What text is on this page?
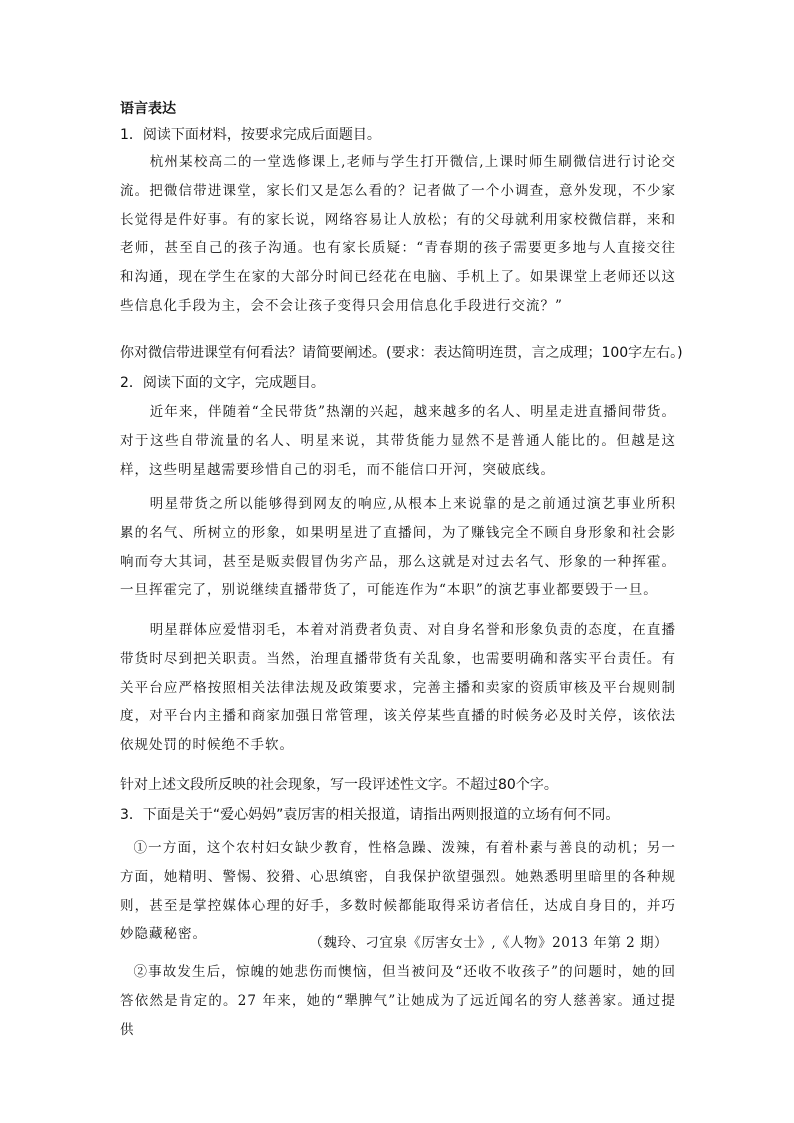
语言表达
1．阅读下面材料，按要求完成后面题目。

杭州某校高二的一堂选修课上,老师与学生打开微信,上课时师生刷微信进行讨论交流。把微信带进课堂，家长们又是怎么看的？记者做了一个小调查，意外发现，不少家长觉得是件好事。有的家长说，网络容易让人放松；有的父母就利用家校微信群，来和老师，甚至自己的孩子沟通。也有家长质疑：“青春期的孩子需要更多地与人直接交往和沟通，现在学生在家的大部分时间已经花在电脑、手机上了。如果课堂上老师还以这些信息化手段为主，会不会让孩子变得只会用信息化手段进行交流？”

你对微信带进课堂有何看法？请简要阐述。(要求：表达简明连贯，言之成理；100字左右。)
2．阅读下面的文字，完成题目。

近年来，伴随着“全民带货”热潮的兴起，越来越多的名人、明星走进直播间带货。对于这些自带流量的名人、明星来说，其带货能力显然不是普通人能比的。但越是这样，这些明星越需要珍惜自己的羽毛，而不能信口开河，突破底线。

明星带货之所以能够得到网友的响应,从根本上来说靠的是之前通过演艺事业所积累的名气、所树立的形象，如果明星进了直播间，为了赚钱完全不顾自身形象和社会影响而夸大其词，甚至是贩卖假冒伪劣产品，那么这就是对过去名气、形象的一种挥霍。一旦挥霍完了，别说继续直播带货了，可能连作为“本职”的演艺事业都要毁于一旦。

明星群体应爱惜羽毛，本着对消费者负责、对自身名誉和形象负责的态度，在直播带货时尽到把关职责。当然，治理直播带货有关乱象，也需要明确和落实平台责任。有关平台应严格按照相关法律法规及政策要求，完善主播和卖家的资质审核及平台规则制度，对平台内主播和商家加强日常管理，该关停某些直播的时候务必及时关停，该依法依规处罚的时候绝不手软。

针对上述文段所反映的社会现象，写一段评述性文字。不超过80个字。
3．下面是关于“爱心妈妈”袁厉害的相关报道，请指出两则报道的立场有何不同。

①一方面，这个农村妇女缺少教育，性格急躁、泼辣，有着朴素与善良的动机；另一方面，她精明、警惕、狡猾、心思缜密，自我保护欲望强烈。她熟悉明里暗里的各种规则，甚至是掌控媒体心理的好手，多数时候都能取得采访者信任，达成自身目的，并巧妙隐藏秘密。

（魏玲、刁宜泉《厉害女士》,《人物》2013 年第 2 期）

②事故发生后，惊魄的她悲伤而懊恼，但当被问及“还收不收孩子”的问题时，她的回答依然是肯定的。27 年来，她的“犟脾气”让她成为了远近闻名的穷人慈善家。通过提供
